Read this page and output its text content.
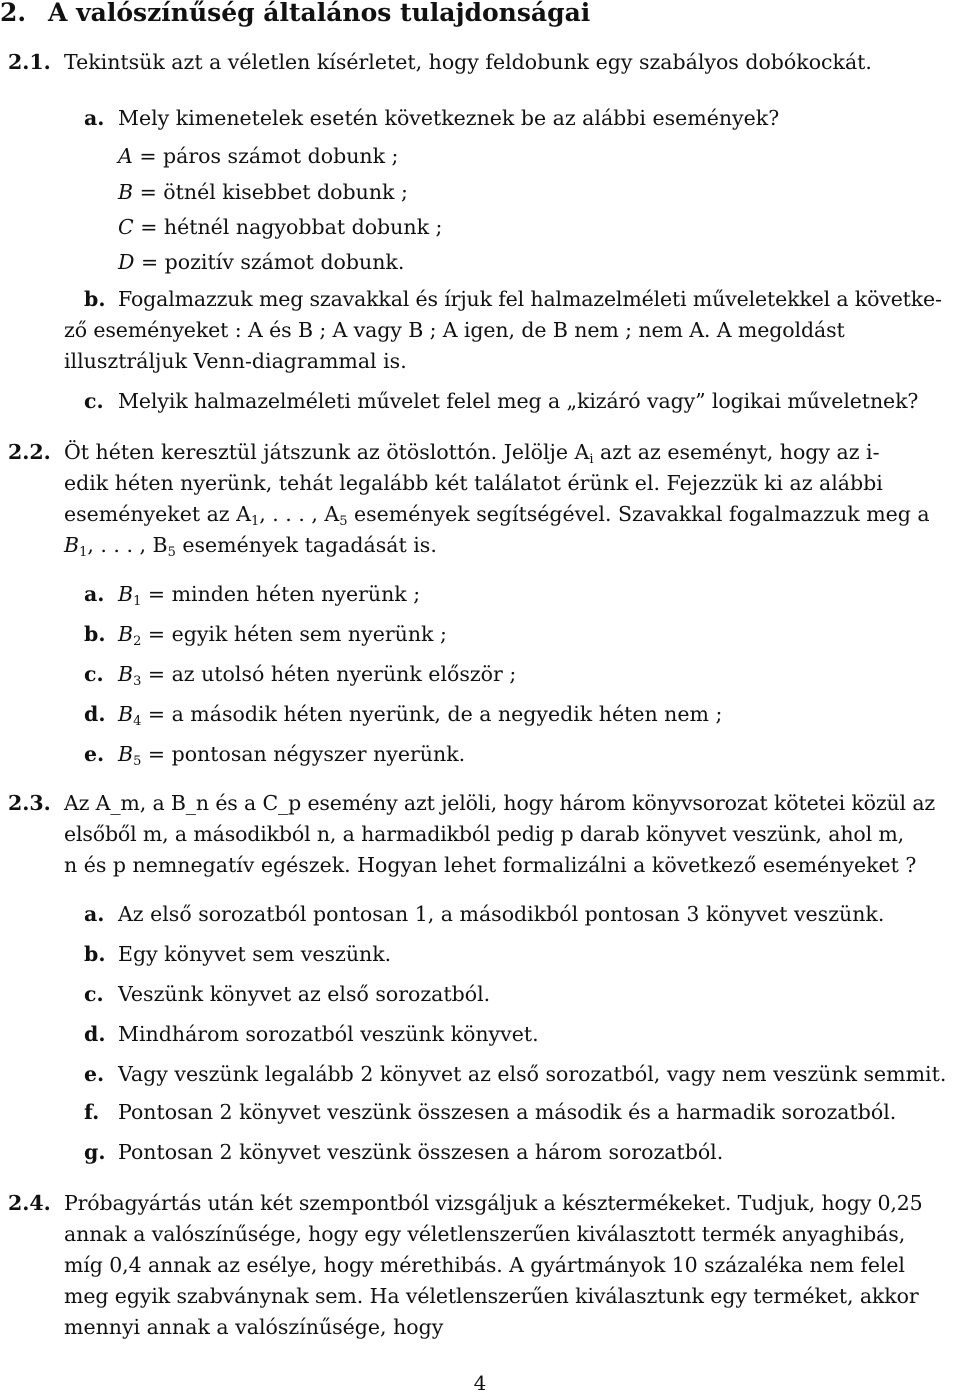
2. A valószínűség általános tulajdonságai
2.1. Tekintsük azt a véletlen kísérletet, hogy feldobunk egy szabályos dobókockát.
a. Mely kimenetelek esetén következnek be az alábbi események?
A = páros számot dobunk ;
B = ötnél kisebbet dobunk ;
C = hétnél nagyobbat dobunk ;
D = pozitív számot dobunk.
b. Fogalmazzuk meg szavakkal és írjuk fel halmazelméleti műveletekkel a követke-
ző eseményeket : A és B ; A vagy B ; A igen, de B nem ; nem A. A megoldást
illusztráljuk Venn-diagrammal is.
c. Melyik halmazelméleti művelet felel meg a „kizáró vagy” logikai műveletnek?
2.2. Öt héten keresztül játszunk az ötöslottón. Jelölje $A_i$ azt az eseményt, hogy az i-
edik héten nyerünk, tehát legalább két találatot érünk el. Fejezzük ki az alábbi
eseményeket az $A_1$, . . . , $A_5$ események segítségével. Szavakkal fogalmazzuk meg a
$B_1$, . . . , $B_5$ események tagadását is.
a. $B_1$ = minden héten nyerünk ;
b. $B_2$ = egyik héten sem nyerünk ;
c. $B_3$ = az utolsó héten nyerünk először ;
d. $B_4 = a$ második héten nyerünk, de a negyedik héten nem ;
e. $B_5$ = pontosan négyszer nyerünk.
2.3. Az A_m, a B_n és a C_p esemény azt jelöli, hogy három könyvsorozat kötetei közül az
elsőből m, a másodikból n, a harmadikból pedig p darab könyvet veszünk, ahol m,
n és p nemnegatív egészek. Hogyan lehet formalizálni a következő eseményeket ?
a. Az első sorozatból pontosan 1, a másodikból pontosan 3 könyvet veszünk.
b. Egy könyvet sem veszünk.
c. Veszünk könyvet az első sorozatból.
d. Mindhárom sorozatból veszünk könyvet.
e. Vagy veszünk legalább 2 könyvet az első sorozatból, vagy nem veszünk semmit.
f. Pontosan 2 könyvet veszünk összesen a második és a harmadik sorozatból.
g. Pontosan 2 könyvet veszünk összesen a három sorozatból.
2.4. Próbagyártás után két szempontból vizsgáljuk a késztermékeket. Tudjuk, hogy 0,25
annak a valószínűsége, hogy egy véletlenszerűen kiválasztott termék anyaghibás,
míg 0,4 annak az esélye, hogy mérethibás. A gyártmányok 10 százaléka nem felel
meg egyik szabványnak sem. Ha véletlenszerűen kiválasztunk egy terméket, akkor
mennyi annak a valószínűsége, hogy
4
